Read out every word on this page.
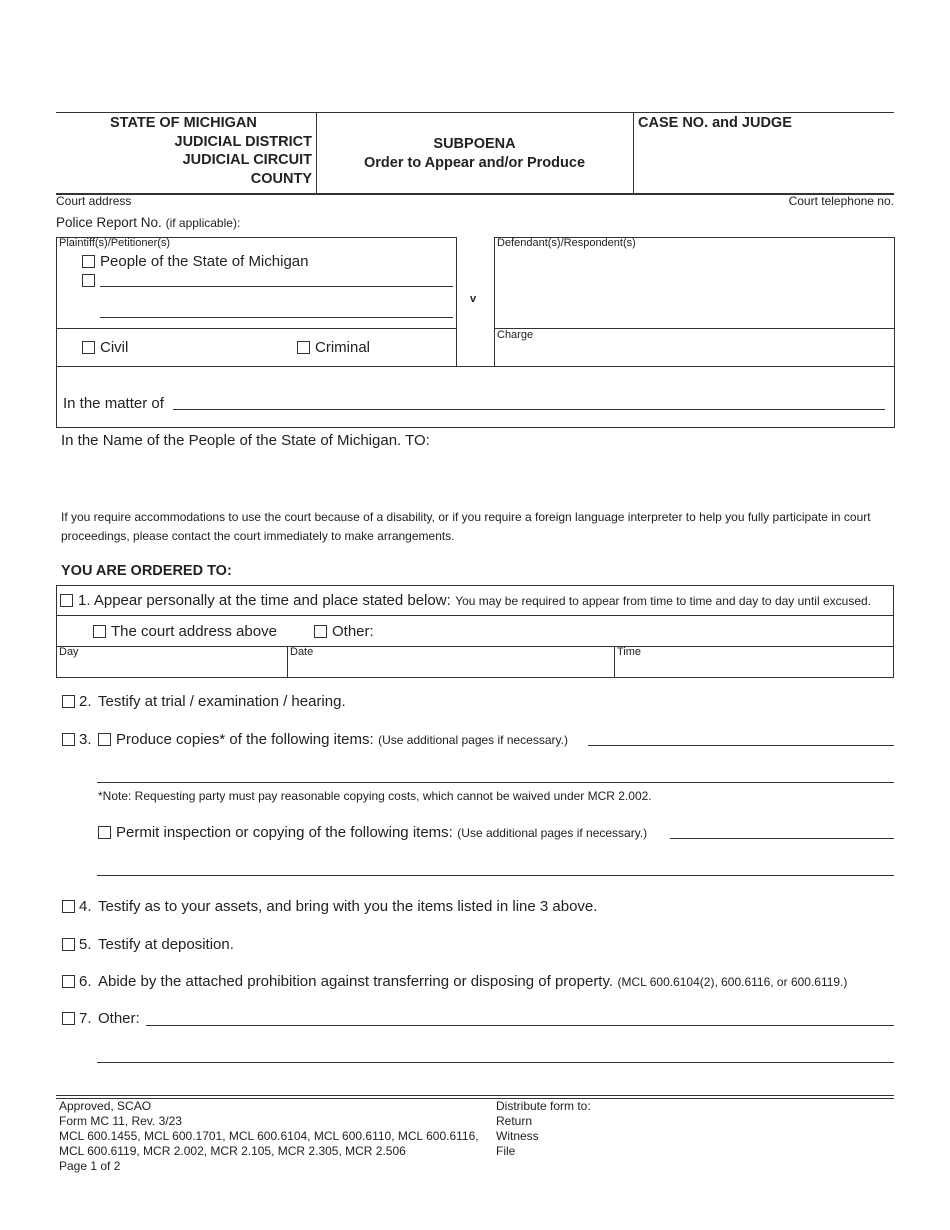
STATE OF MICHIGAN
JUDICIAL DISTRICT
JUDICIAL CIRCUIT
COUNTY
SUBPOENA
Order to Appear and/or Produce
CASE NO. and JUDGE
Court address	Court telephone no.
Police Report No. (if applicable):
Plaintiff(s)/Petitioner(s)
People of the State of Michigan
v
Defendant(s)/Respondent(s)
Charge
Civil	Criminal
In the matter of
In the Name of the People of the State of Michigan. TO:
If you require accommodations to use the court because of a disability, or if you require a foreign language interpreter to help you fully participate in court
proceedings, please contact the court immediately to make arrangements.
YOU ARE ORDERED TO:
1. Appear personally at the time and place stated below: You may be required to appear from time to time and day to day until excused.
The court address above	Other:
Day	Date	Time
2. Testify at trial / examination / hearing.
3. Produce copies* of the following items: (Use additional pages if necessary.)
*Note: Requesting party must pay reasonable copying costs, which cannot be waived under MCR 2.002.
Permit inspection or copying of the following items: (Use additional pages if necessary.)
4. Testify as to your assets, and bring with you the items listed in line 3 above.
5. Testify at deposition.
6. Abide by the attached prohibition against transferring or disposing of property. (MCL 600.6104(2), 600.6116, or 600.6119.)
7. Other:
Approved, SCAO
Form MC 11, Rev. 3/23
MCL 600.1455, MCL 600.1701, MCL 600.6104, MCL 600.6110, MCL 600.6116,
MCL 600.6119, MCR 2.002, MCR 2.105, MCR 2.305, MCR 2.506
Page 1 of 2
Distribute form to:
Return
Witness
File
